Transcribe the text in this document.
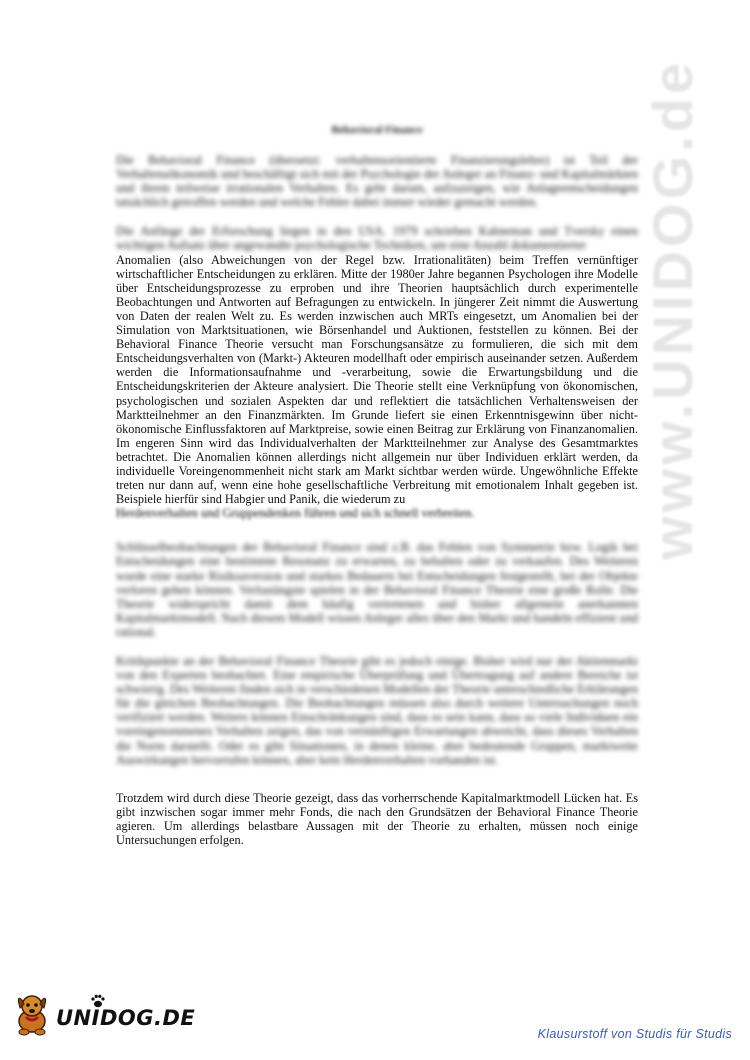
Behavioral Finance

Die Behavioral Finance (übersetzt: verhaltensorientierte Finanzierungslehre) ist Teil der Verhaltensökonomik und beschäftigt sich mit der Psychologie der Anleger an Finanz- und Kapitalmärkten und ihrem teilweise irrationalen Verhalten. Es geht darum, aufzuzeigen, wie Anlageentscheidungen tatsächlich getroffen werden und welche Fehler dabei immer wieder gemacht werden.

Die Anfänge der Erforschung liegen in den USA. 1979 schrieben Kahneman und Tversky einen wichtigen Aufsatz über angewandte psychologische Techniken, um eine Anzahl dokumentierter
Anomalien (also Abweichungen von der Regel bzw. Irrationalitäten) beim Treffen vernünftiger wirtschaftlicher Entscheidungen zu erklären. Mitte der 1980er Jahre begannen Psychologen ihre Modelle über Entscheidungsprozesse zu erproben und ihre Theorien hauptsächlich durch experimentelle Beobachtungen und Antworten auf Befragungen zu entwickeln. In jüngerer Zeit nimmt die Auswertung von Daten der realen Welt zu. Es werden inzwischen auch MRTs eingesetzt, um Anomalien bei der Simulation von Marktsituationen, wie Börsenhandel und Auktionen, feststellen zu können. Bei der Behavioral Finance Theorie versucht man Forschungsansätze zu formulieren, die sich mit dem Entscheidungsverhalten von (Markt-) Akteuren modellhaft oder empirisch auseinander setzen. Außerdem werden die Informationsaufnahme und -verarbeitung, sowie die Erwartungsbildung und die Entscheidungskriterien der Akteure analysiert. Die Theorie stellt eine Verknüpfung von ökonomischen, psychologischen und sozialen Aspekten dar und reflektiert die tatsächlichen Verhaltensweisen der Marktteilnehmer an den Finanzmärkten. Im Grunde liefert sie einen Erkenntnisgewinn über nicht-ökonomische Einflussfaktoren auf Marktpreise, sowie einen Beitrag zur Erklärung von Finanzanomalien. Im engeren Sinn wird das Individualverhalten der Marktteilnehmer zur Analyse des Gesamtmarktes betrachtet. Die Anomalien können allerdings nicht allgemein nur über Individuen erklärt werden, da individuelle Voreingenommenheit nicht stark am Markt sichtbar werden würde. Ungewöhnliche Effekte treten nur dann auf, wenn eine hohe gesellschaftliche Verbreitung mit emotionalem Inhalt gegeben ist. Beispiele hierfür sind Habgier und Panik, die wiederum zu
Herdenverhalten und Gruppendenken führen und sich schnell verbreiten.

Schlüsselbeobachtungen der Behavioral Finance sind z.B. das Fehlen von Symmetrie bzw. Logik bei Entscheidungen eine bestimmte Resonanz zu erwarten, zu behalten oder zu verkaufen. Des Weiteren wurde eine starke Risikoaversion und starkes Bedauern bei Entscheidungen festgestellt, bei der Objekte verloren gehen können. Verlustängste spielen in der Behavioral Finance Theorie eine große Rolle. Die Theorie widerspricht damit dem häufig vertretenen und bisher allgemein anerkannten Kapitalmarktmodell. Nach diesem Modell wissen Anleger alles über den Markt und handeln effizient und rational.

Kritikpunkte an der Behavioral Finance Theorie gibt es jedoch einige. Bisher wird nur der Aktienmarkt von den Experten beobachtet. Eine empirische Überprüfung und Übertragung auf andere Bereiche ist schwierig. Des Weiteren finden sich in verschiedenen Modellen der Theorie unterschiedliche Erklärungen für die gleichen Beobachtungen. Die Beobachtungen müssen also durch weitere Untersuchungen noch verifiziert werden. Weiters können Einschränkungen sind, dass es sein kann, dass so viele Individuen ein voreingenommenes Verhalten zeigen, das von vernünftigen Erwartungen abweicht, dass dieses Verhalten die Norm darstellt. Oder es gibt Situationen, in denen kleine, aber bedeutende Gruppen, marktweite Auswirkungen hervorrufen können, aber kein Herdenverhalten vorhanden ist.

Trotzdem wird durch diese Theorie gezeigt, dass das vorherrschende Kapitalmarktmodell Lücken hat. Es gibt inzwischen sogar immer mehr Fonds, die nach den Grundsätzen der Behavioral Finance Theorie agieren. Um allerdings belastbare Aussagen mit der Theorie zu erhalten, müssen noch einige Untersuchungen erfolgen.

www.UNIDOG.de
UNIDOG.DE
Klausurstoff von Studis für Studis
